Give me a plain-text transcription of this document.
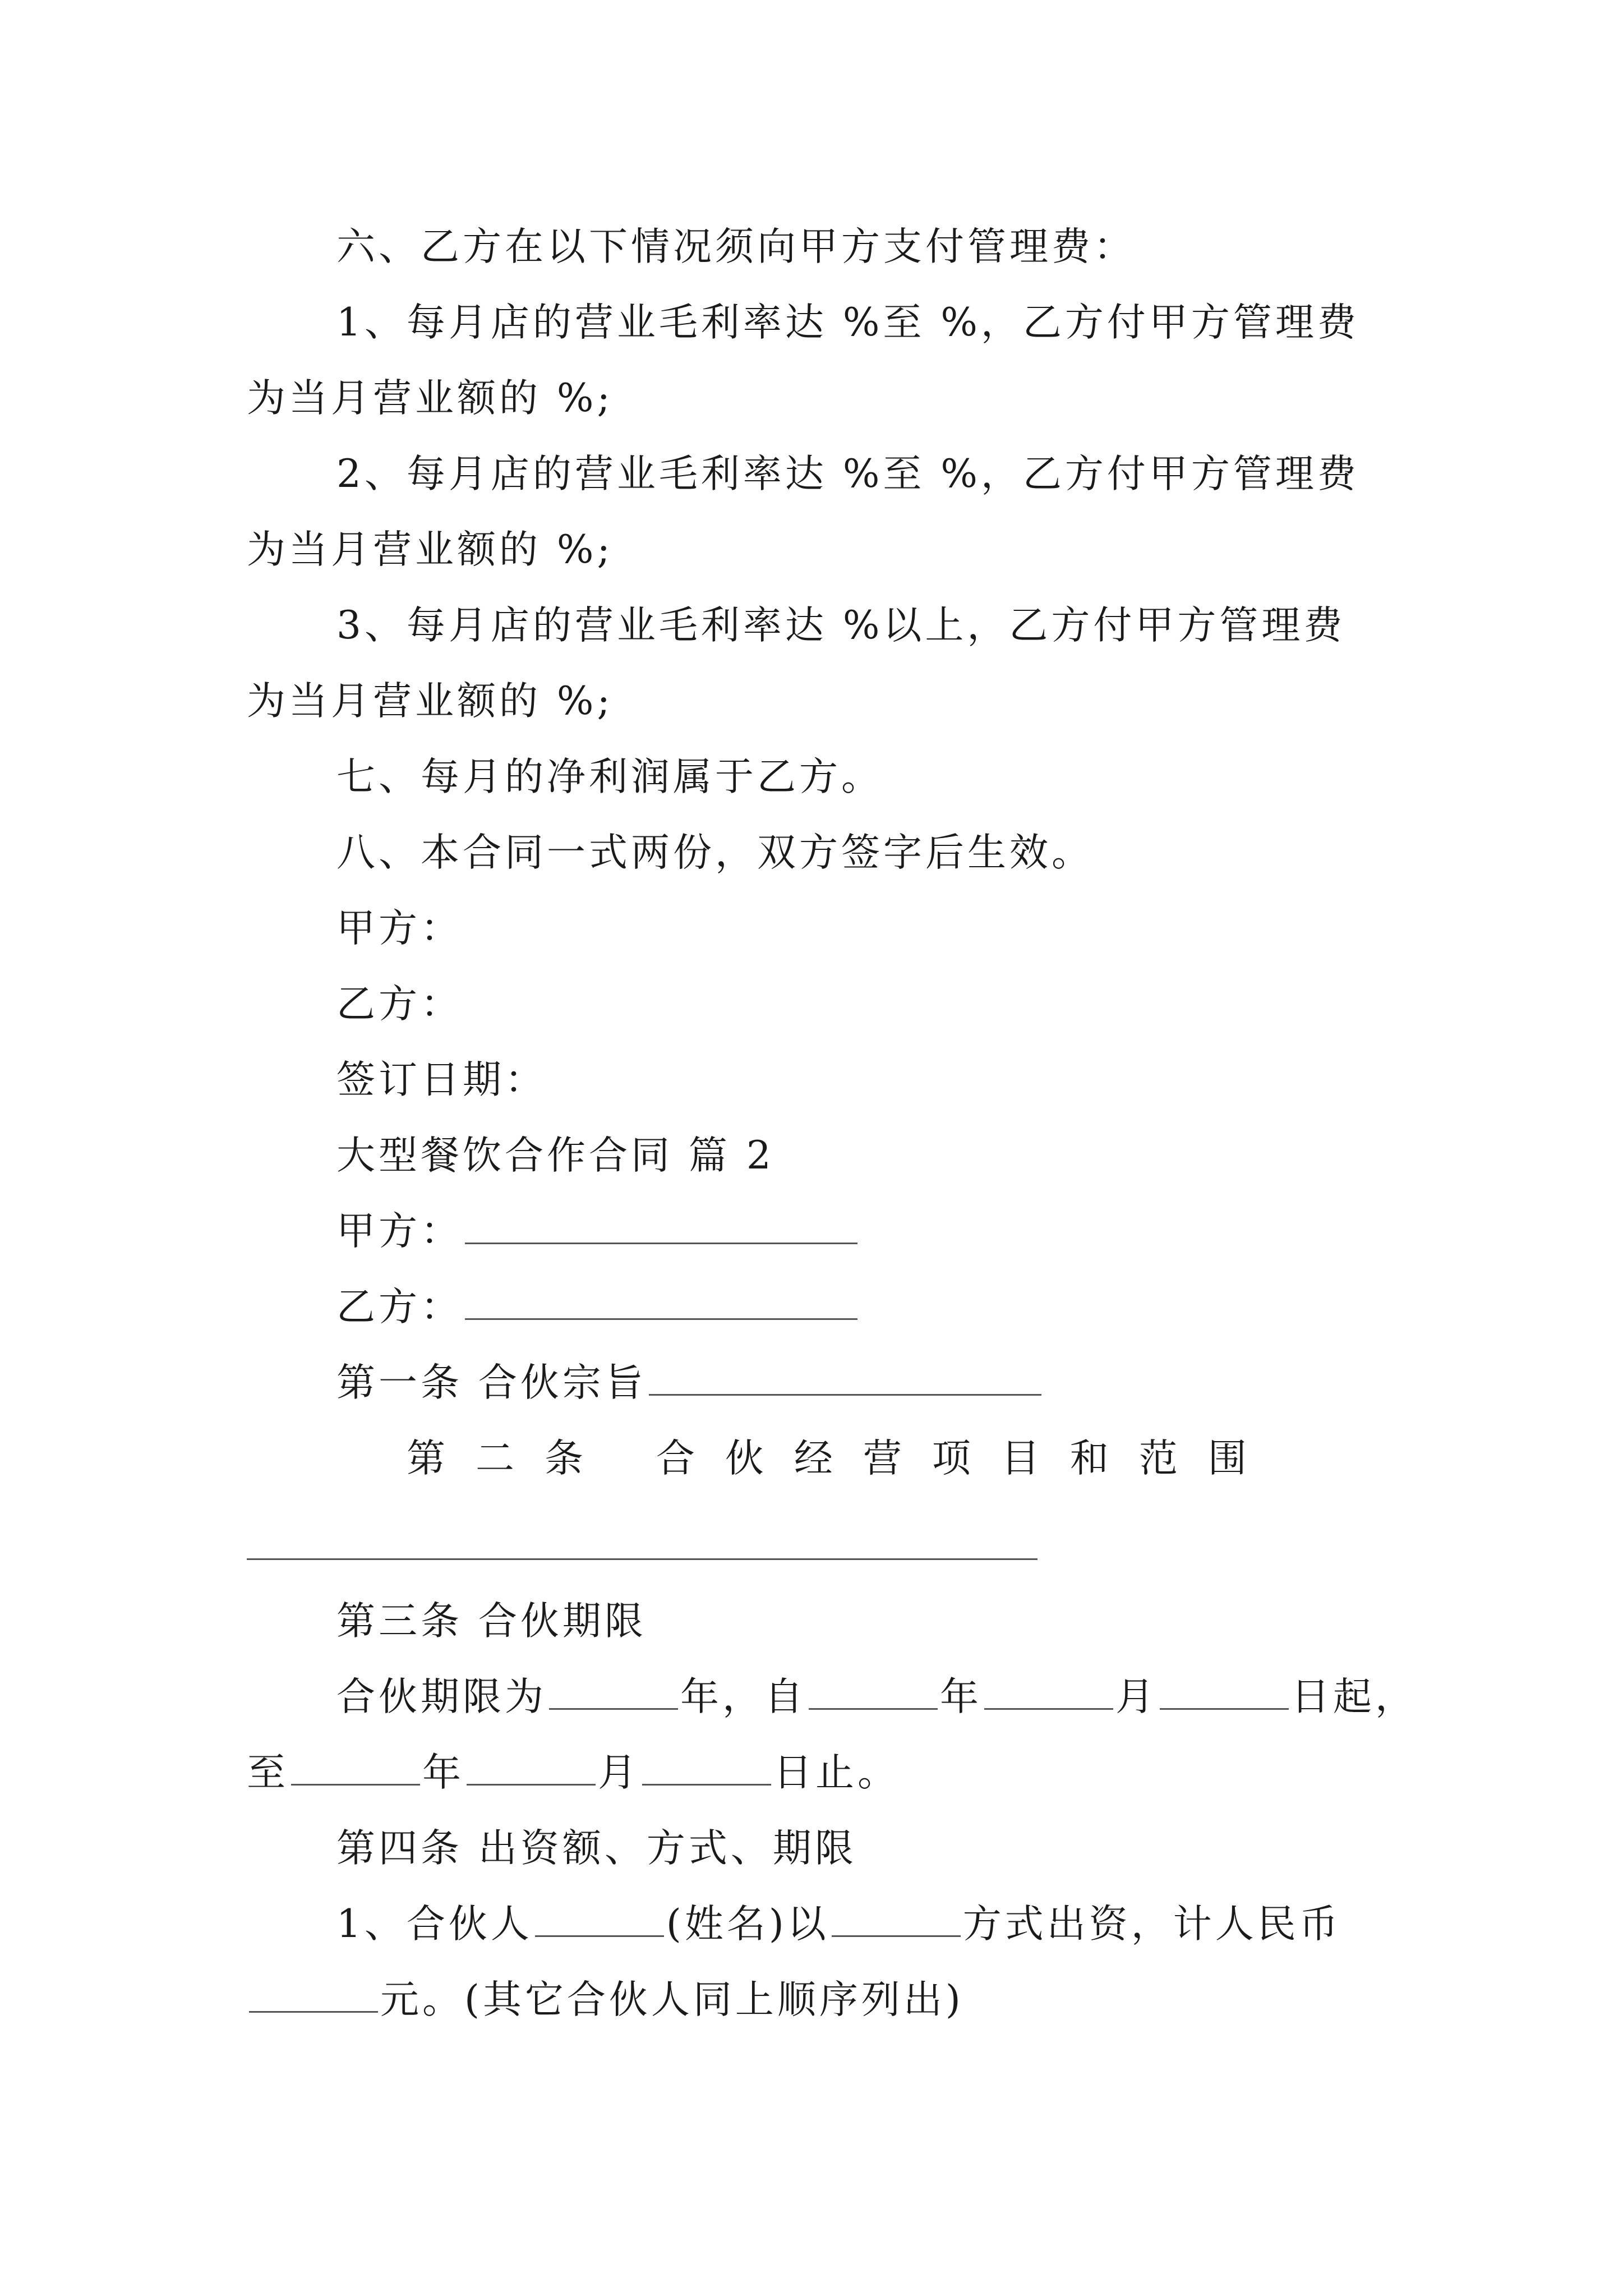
六、乙方在以下情况须向甲方支付管理费：
1、每月店的营业毛利率达 %至 %，乙方付甲方管理费
为当月营业额的 %;
2、每月店的营业毛利率达 %至 %，乙方付甲方管理费
为当月营业额的 %;
3、每月店的营业毛利率达 %以上，乙方付甲方管理费
为当月营业额的 %;
七、每月的净利润属于乙方。
八、本合同一式两份，双方签字后生效。
甲方：
乙方：
签订日期：
大型餐饮合作合同 篇 2
甲方：
乙方：
第一条 合伙宗旨
第二条 合伙经营项目和范围
第三条 合伙期限
合伙期限为	年，自	年	月	日起，
至	年	月	日止。
第四条 出资额、方式、期限
1、合伙人	(姓名)以	方式出资，计人民币
元。(其它合伙人同上顺序列出)
